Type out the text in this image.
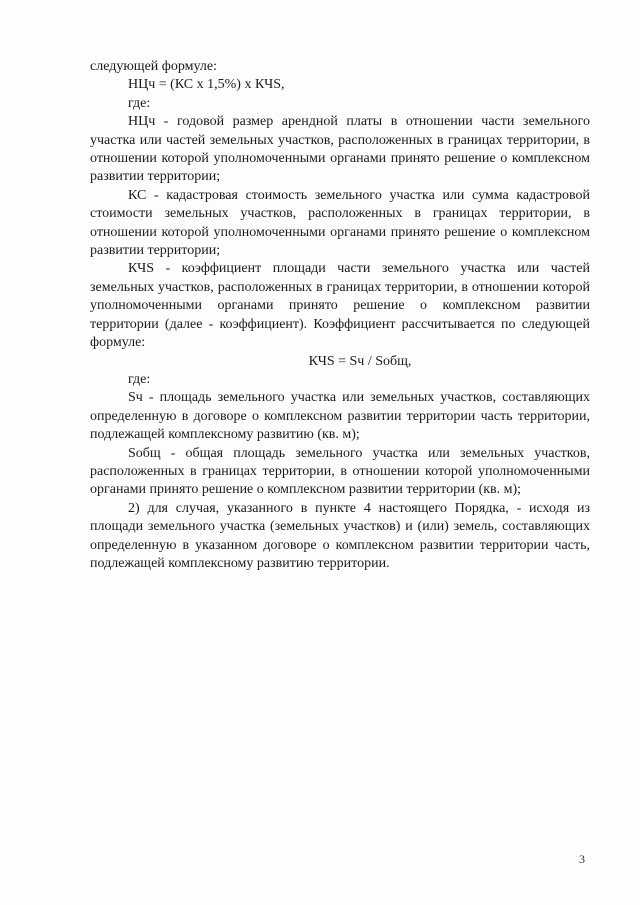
следующей формуле:

НЦч = (КС х 1,5%) х КЧS,

где:

НЦч - годовой размер арендной платы в отношении части земельного участка или частей земельных участков, расположенных в границах территории, в отношении которой уполномоченными органами принято решение о комплексном развитии территории;

КС - кадастровая стоимость земельного участка или сумма кадастровой стоимости земельных участков, расположенных в границах территории, в отношении которой уполномоченными органами принято решение о комплексном развитии территории;

КЧS - коэффициент площади части земельного участка или частей земельных участков, расположенных в границах территории, в отношении которой уполномоченными органами принято решение о комплексном развитии территории (далее - коэффициент). Коэффициент рассчитывается по следующей формуле:

КЧS = Sч / Sобщ,

где:

Sч - площадь земельного участка или земельных участков, составляющих определенную в договоре о комплексном развитии территории часть территории, подлежащей комплексному развитию (кв. м);

Sобщ - общая площадь земельного участка или земельных участков, расположенных в границах территории, в отношении которой уполномоченными органами принято решение о комплексном развитии территории (кв. м);

2) для случая, указанного в пункте 4 настоящего Порядка, - исходя из площади земельного участка (земельных участков) и (или) земель, составляющих определенную в указанном договоре о комплексном развитии территории часть, подлежащей комплексному развитию территории.

3
